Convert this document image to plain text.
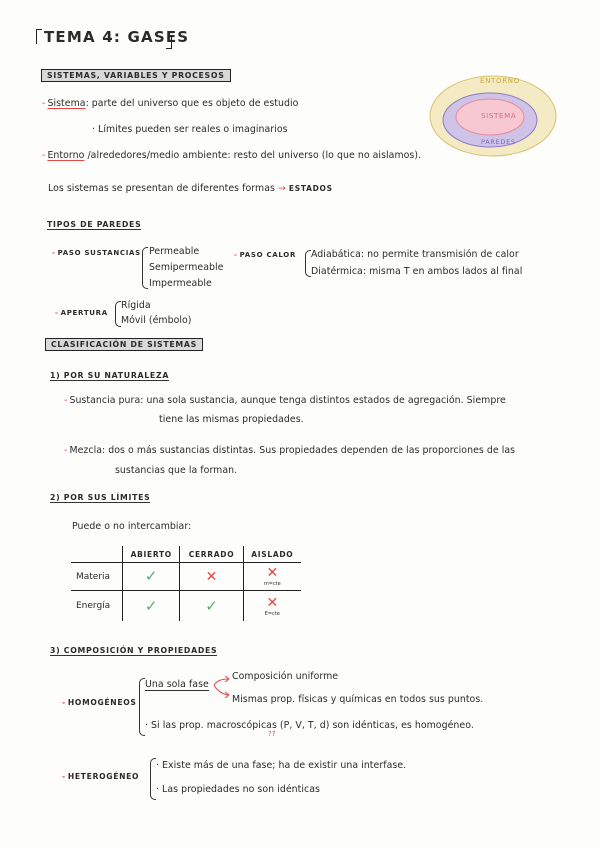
TEMA 4: GASES
ENTORNO
SISTEMA
PAREDES
SISTEMAS, VARIABLES Y PROCESOS
- Sistema: parte del universo que es objeto de estudio
· Límites pueden ser reales o imaginarios
- Entorno /alrededores/medio ambiente: resto del universo (lo que no aislamos).
Los sistemas se presentan de diferentes formas → ESTADOS
TIPOS DE PAREDES
- PASO SUSTANCIAS Permeable
Semipermeable
Impermeable
- PASO CALOR Adiabática: no permite transmisión de calor
Diatérmica: misma T en ambos lados al final
- APERTURA
Rígida
Móvil (émbolo)
CLASIFICACIÓN DE SISTEMAS
1) POR SU NATURALEZA
- Sustancia pura: una sola sustancia, aunque tenga distintos estados de agregación. Siempre
tiene las mismas propiedades.
- Mezcla: dos o más sustancias distintas. Sus propiedades dependen de las proporciones de las
sustancias que la forman.
2) POR SUS LÍMITES
Puede o no intercambiar:
	ABIERTO	CERRADO	AISLADO
Materia	✓	✕	✕
m=cte

Energía	✓	✓	✕
E=cte
3) COMPOSICIÓN Y PROPIEDADES
- HOMOGÉNEOS
Una sola fase
Composición uniforme
Mismas prop. físicas y químicas en todos sus puntos.
· Si las prop. macroscópicas (P, V, T, d) son idénticas, es homogéneo.
??
- HETEROGÉNEO
· Existe más de una fase; ha de existir una interfase.
· Las propiedades no son idénticas
